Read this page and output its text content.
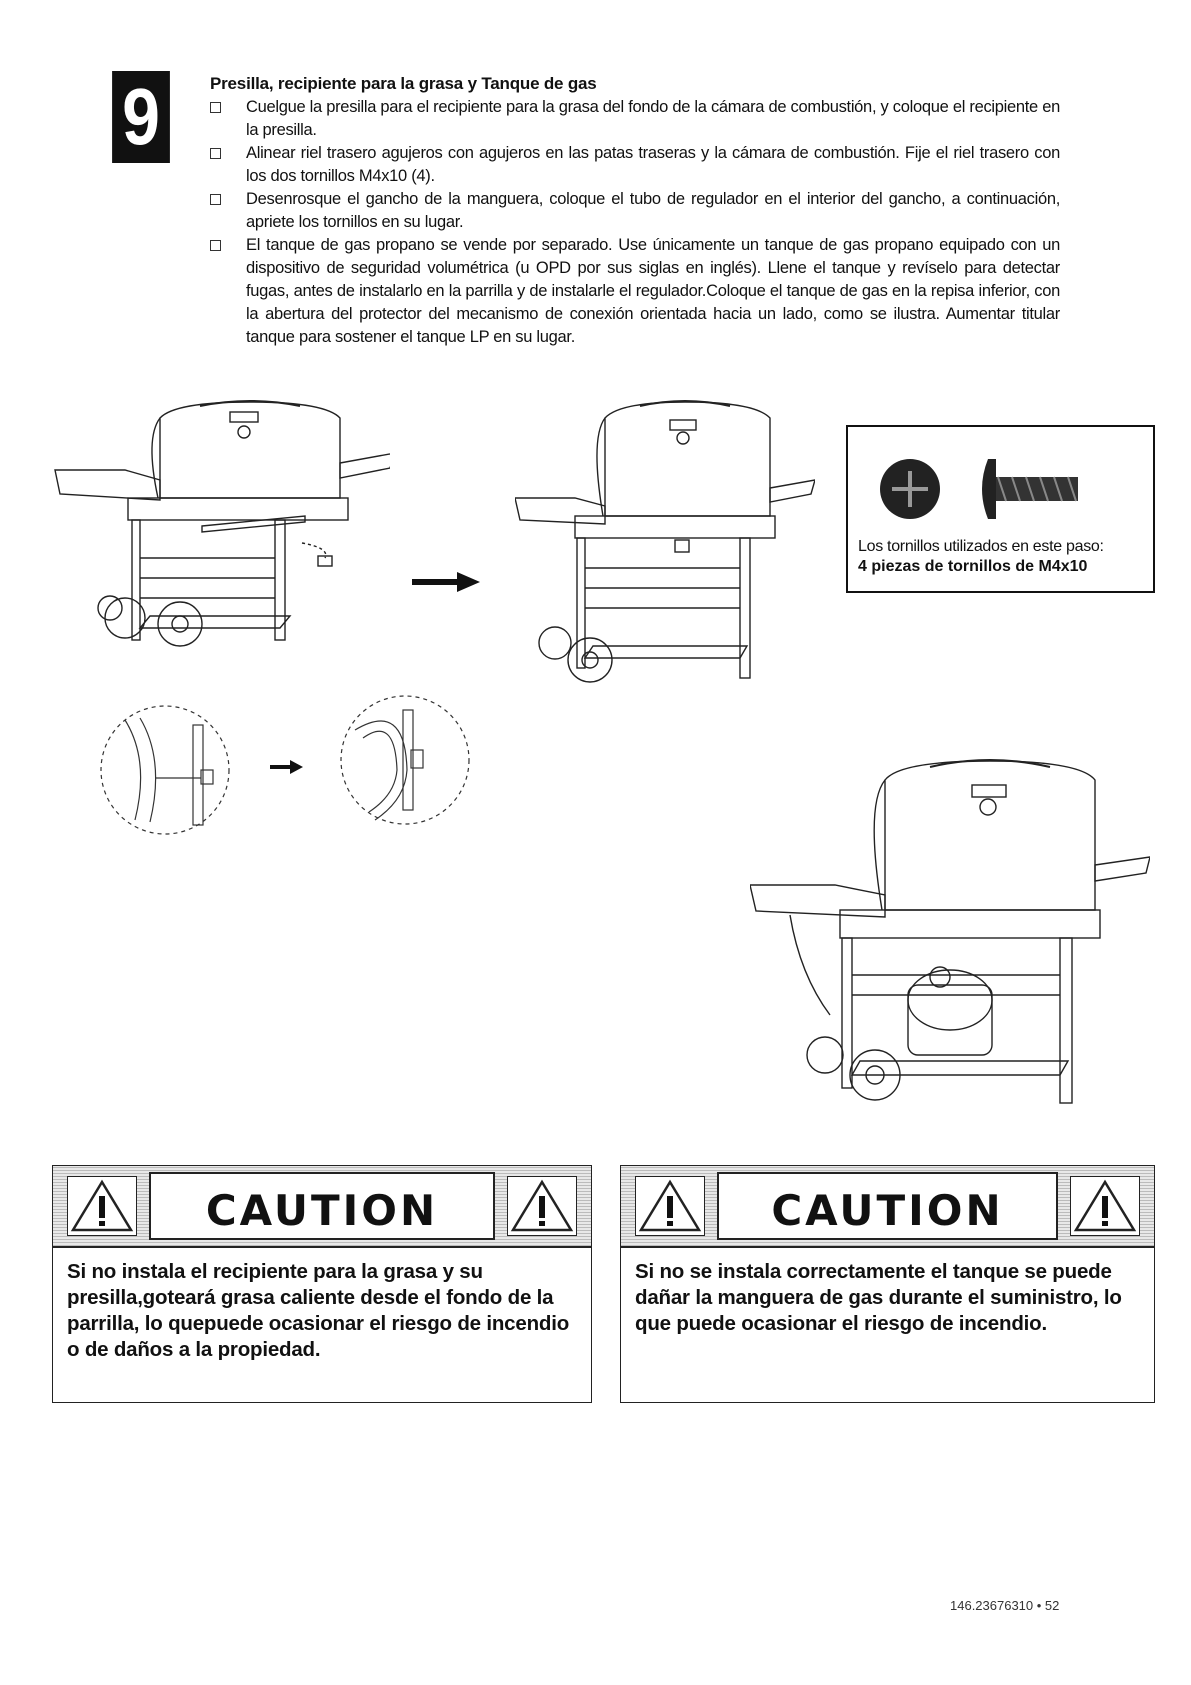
9	Presilla, recipiente para la grasa y Tanque de gas
Cuelgue la presilla para el recipiente para la grasa del fondo de la cámara de combustión, y coloque el recipiente en la presilla.
Alinear riel trasero agujeros con agujeros en las patas traseras y la cámara de combustión. Fije el riel trasero con los dos tornillos M4x10 (4).
Desenrosque el gancho de la manguera, coloque el tubo de regulador en el interior del gancho, a continuación, apriete los tornillos en su lugar.
El tanque de gas propano se vende por separado. Use únicamente un tanque de gas propano equipado con un dispositivo de seguridad volumétrica (u OPD por sus siglas en inglés). Llene el tanque y revíselo para detectar fugas, antes de instalarlo en la parrilla y de instalarle el regulador.Coloque el tanque de gas en la repisa inferior, con la abertura del protector del mecanismo de conexión orientada hacia un lado, como se ilustra. Aumentar titular tanque para sostener el tanque LP en su lugar.
Los tornillos utilizados en este paso:
4 piezas de tornillos de M4x10
CAUTION
Si no instala el recipiente para la grasa y su presilla,goteará grasa caliente desde el fondo de la parrilla, lo quepuede ocasionar el riesgo de incendio o de daños a la propiedad.
CAUTION
Si no se instala correctamente el tanque se puede dañar la manguera de gas durante el suministro, lo que puede ocasionar el riesgo de incendio.
146.23676310 • 52
